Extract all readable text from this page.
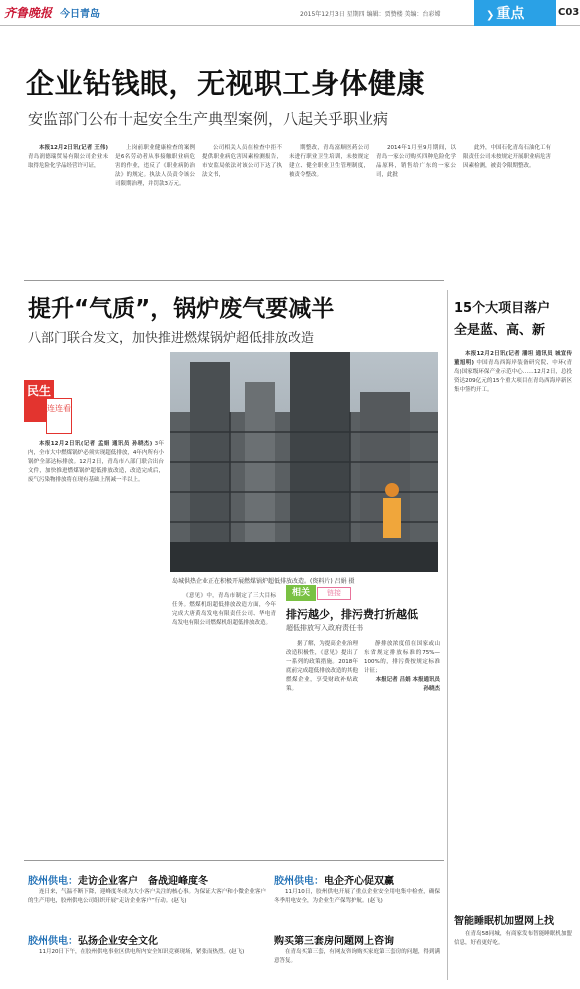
齐鲁晚报 今日青岛	2015年12月3日 星期四 编辑：贾赞楼 美编：台彩嫦	❯ 重点	C03
企业钻钱眼，无视职工身体健康
安监部门公布十起安全生产典型案例，八起关乎职业病

本报12月2日讯(记者 王伟) 青岛润德瑞贸易有限公司企业未取得危险化学品经营许可证，

上岗前职业健康检查的案例是6名劳动者从事接触职业病危害的作业，违反了《职业病防治法》的规定。执法人员责令该公司限期治理，并罚款3万元。

公司相关人员在检查中拒不提供职业病危害因素检测报告，市安监局依法对该公司下达了执法文书，

期整改，青岛富顺医药公司未进行职业卫生培训，未按规定建立、健全职业卫生管理制度，被责令整改。

2014年1月至9月期间，以青岛一家公司购买四种危险化学品原料，销售给广东的一家公司，此批

此外，中国石化青岛石油化工有限责任公司未按规定开展职业病危害因素检测，被责令限期整改。

提升“气质”，锅炉废气要减半
八部门联合发文，加快推进燃煤锅炉超低排放改造
民生
连连看

本报12月2日讯(记者 孟娟 通讯员 孙晓杰) 3年内，全市大中燃煤锅炉必须实现超低排放，4年内所有小锅炉全部达标排放。12月2日，青岛市八部门联合出台文件，加快推进燃煤锅炉超低排放改造，改造完成后，废气污染物排放将在现有基础上削减一半以上。

岛城供热企业正在积极开展燃煤锅炉超低排放改造。(资料片) 吕娟 摄

《意见》中，青岛市制定了三大目标任务。燃煤机组超低排放改造方面，今年完成大唐黄岛发电有限责任公司、华电青岛发电有限公司燃煤机组超低排放改造。

相关	链接
排污越少，排污费打折越低
超低排放写入政府责任书

据了解，为提高企业治理改造积极性，《意见》提出了一系列的政策措施。2018年底前完成超低排放改造的其他燃煤企业，享受财政补贴政策。

静排放浓度值在国家或山东省规定排放标准的75%—100%的，排污费按规定标准计征；

本报记者 吕娟 本报通讯员 孙晓杰

15个大项目落户
全是蓝、高、新

本报12月2日讯(记者 潘坦 通讯员 城宣传 董旭明) 中国青岛西海岸装备研究院、中环(青岛)国家级环保产业示范中心……12月2日，总投资达209亿元的15个重大项目在青岛西海岸新区集中签约开工。

智能睡眠机加盟网上找

在青岛58同城，有商家发布智能睡眠机加盟信息，好看更好吃。

胶州供电：走访企业客户　备战迎峰度冬

连日来，气温不断下降，迎峰度冬成为大小客户关注的核心事。为保证大客户和小微企业客户的生产用电，胶州供电公司组织开展“走访企业客户”行动。(赵飞)

胶州供电：弘扬企业安全文化

11月20日下午，在胶州供电事业区供电所内安全知识竞赛现场，紧张而热烈。(赵飞)

胶州供电：电企齐心促双赢

11月10日，胶州供电开展了重点企业安全用电集中检查，确保冬季用电安全，为企业生产保驾护航。(赵飞)

购买第三套房问题网上咨询

在青岛买第三套，有网友咨询购买家庭第三套房的问题，得到满意答复。
